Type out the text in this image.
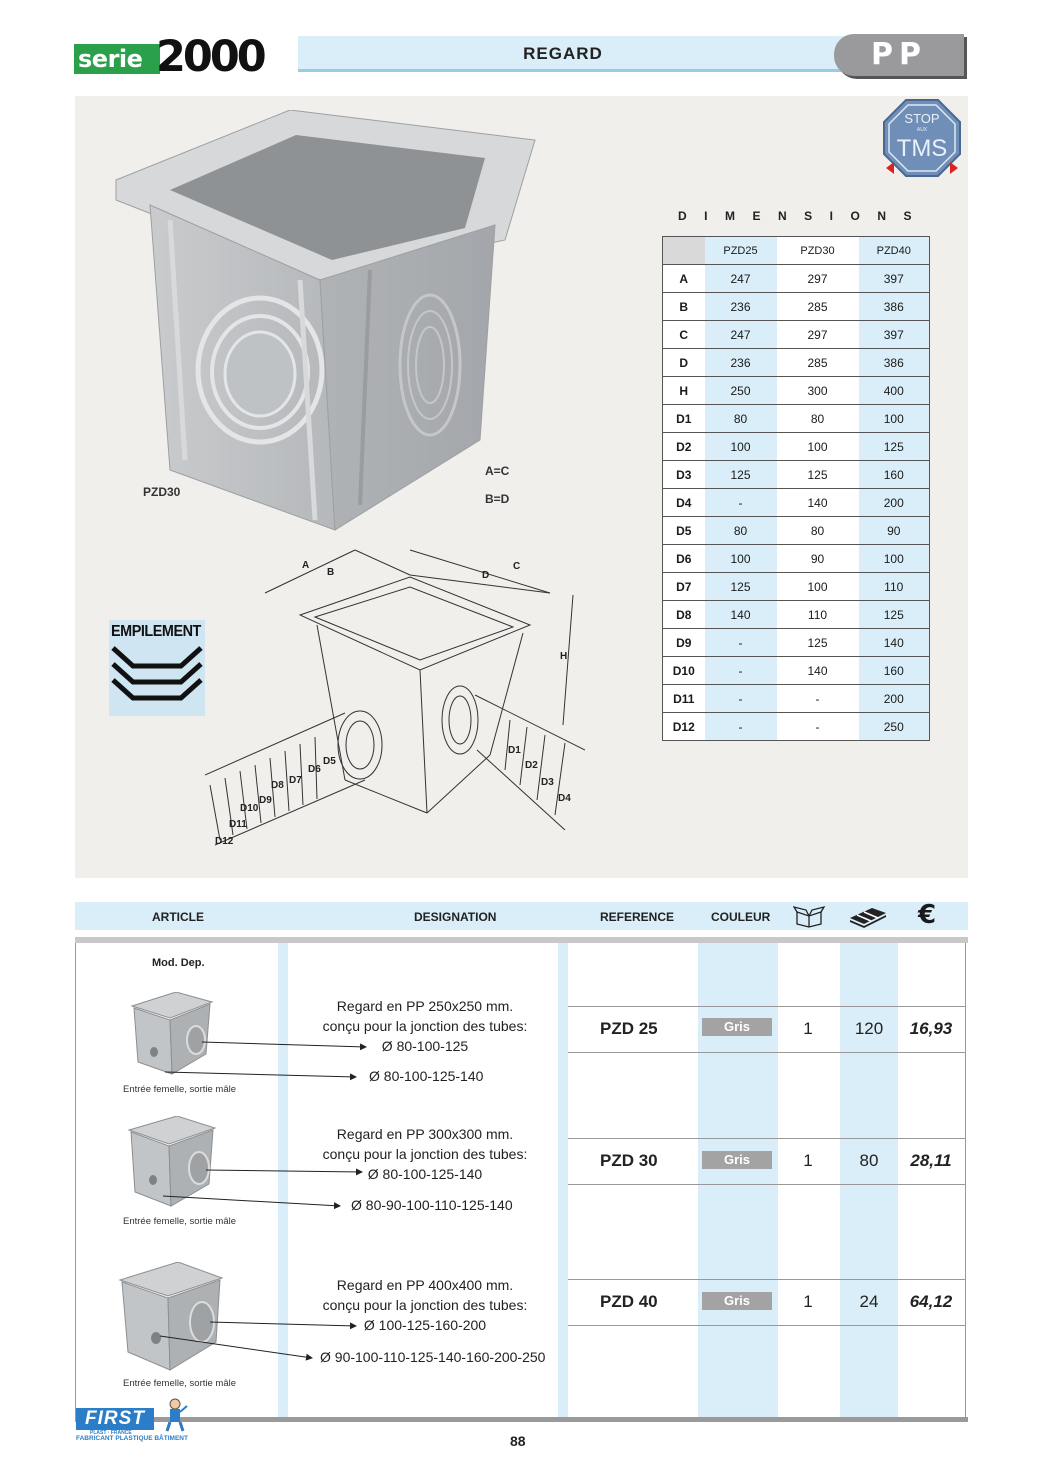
serie 2000	REGARD	PP
STOP
AUX
TMS
PZD30
A=C
B=D
A
B
C
D
H
D1
D2
D3
D4
D5
D6
D7
D8
D9
D10
D11
D12
EMPILEMENT
DIMENSIONS
	PZD25	PZD30	PZD40
A	247	297	397
B	236	285	386
C	247	297	397
D	236	285	386
H	250	300	400
D1	80	80	100
D2	100	100	125
D3	125	125	160
D4	-	140	200
D5	80	80	90
D6	100	90	100
D7	125	100	110
D8	140	110	125
D9	-	125	140
D10	-	140	160
D11	-	-	200
D12	-	-	250
ARTICLE	DESIGNATION	REFERENCE	COULEUR	€
Mod. Dep.
Entrée femelle, sortie mâle
Regard en PP 250x250 mm.
conçu pour la jonction des tubes:
Ø 80-100-125
Ø 80-100-125-140
PZD 25	Gris	1	120	16,93
Entrée femelle, sortie mâle
Regard en PP 300x300 mm.
conçu pour la jonction des tubes:
Ø 80-100-125-140
Ø 80-90-100-110-125-140
PZD 30	Gris	1	80	28,11
Entrée femelle, sortie mâle
Regard en PP 400x400 mm.
conçu pour la jonction des tubes:
Ø 100-125-160-200
Ø 90-100-110-125-140-160-200-250
PZD 40	Gris	1	24	64,12
FIRST
PLAST · FRANCE
FABRICANT PLASTIQUE BÂTIMENT	88
